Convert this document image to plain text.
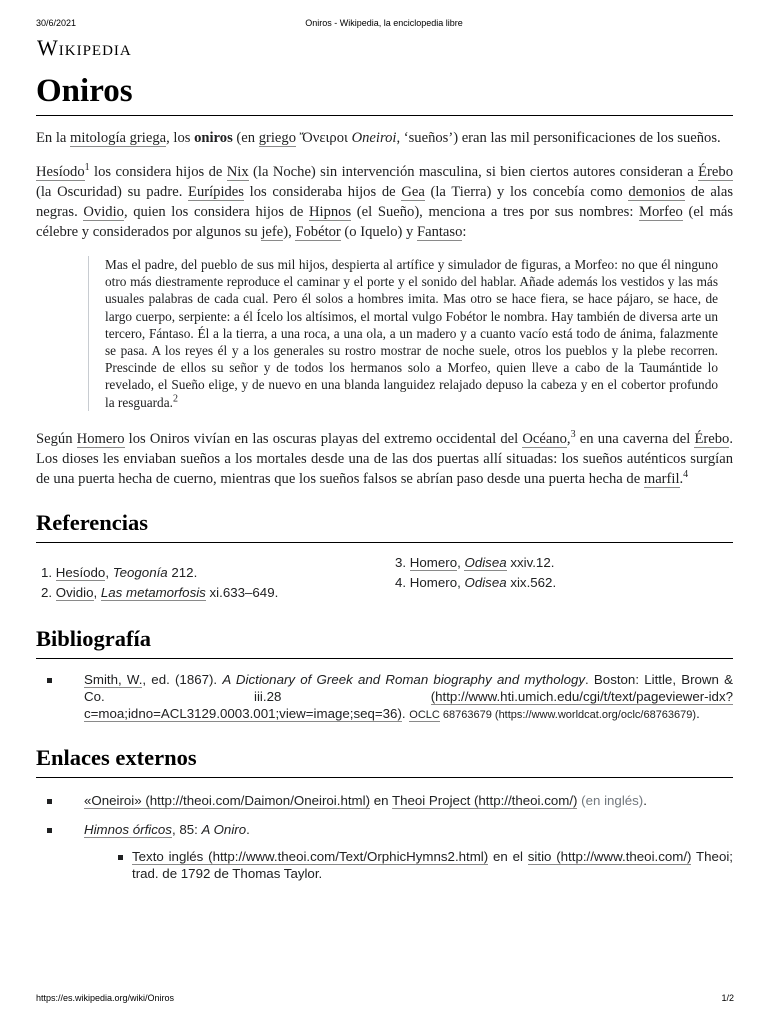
30/6/2021	Oniros - Wikipedia, la enciclopedia libre
Wikipedia
Oniros

En la mitología griega, los oniros (en griego Ὄνειροι Oneiroi, ‘sueños’) eran las mil personificaciones de los sueños.

Hesíodo$^1$ los considera hijos de Nix (la Noche) sin intervención masculina, si bien ciertos autores consideran a Érebo (la Oscuridad) su padre. Eurípides los consideraba hijos de Gea (la Tierra) y los concebía como demonios de alas negras. Ovidio, quien los considera hijos de Hipnos (el Sueño), menciona a tres por sus nombres: Morfeo (el más célebre y considerados por algunos su jefe), Fobétor (o Iquelo) y Fantaso:

Mas el padre, del pueblo de sus mil hijos, despierta al artífice y simulador de figuras, a Morfeo: no que él ninguno otro más diestramente reproduce el caminar y el porte y el sonido del hablar. Añade además los vestidos y las más usuales palabras de cada cual. Pero él solos a hombres imita. Mas otro se hace fiera, se hace pájaro, se hace, de largo cuerpo, serpiente: a él Ícelo los altísimos, el mortal vulgo Fobétor le nombra. Hay también de diversa arte un tercero, Fántaso. Él a la tierra, a una roca, a una ola, a un madero y a cuanto vacío está todo de ánima, falazmente se pasa. A los reyes él y a los generales su rostro mostrar de noche suele, otros los pueblos y la plebe recorren. Prescinde de ellos su señor y de todos los hermanos solo a Morfeo, quien lleve a cabo de la Taumántide lo revelado, el Sueño elige, y de nuevo en una blanda languidez relajado depuso la cabeza y en el cobertor profundo la resguarda.$^2$

Según Homero los Oniros vivían en las oscuras playas del extremo occidental del Océano,$^3$ en una caverna del Érebo. Los dioses les enviaban sueños a los mortales desde una de las dos puertas allí situadas: los sueños auténticos surgían de una puerta hecha de cuerno, mientras que los sueños falsos se abrían paso desde una puerta hecha de marfil.$^4$

Referencias
1. Hesíodo, Teogonía 212.
2. Ovidio, Las metamorfosis xi.633–649.
3. Homero, Odisea xxiv.12.
4. Homero, Odisea xix.562.
Bibliografía
Smith, W., ed. (1867). A Dictionary of Greek and Roman biography and mythology. Boston: Little, Brown & Co. iii.28 (http://www.hti.umich.edu/cgi/t/text/pageviewer-idx?c=moa;idno=ACL3129.0003.001;view=image;seq=36). OCLC 68763679 (https://www.worldcat.org/oclc/68763679).
Enlaces externos
«Oneiroi» (http://theoi.com/Daimon/Oneiroi.html) en Theoi Project (http://theoi.com/) (en inglés).
Himnos órficos, 85: A Oniro.
Texto inglés (http://www.theoi.com/Text/OrphicHymns2.html) en el sitio (http://www.theoi.com/) Theoi; trad. de 1792 de Thomas Taylor.
https://es.wikipedia.org/wiki/Oniros	1/2
